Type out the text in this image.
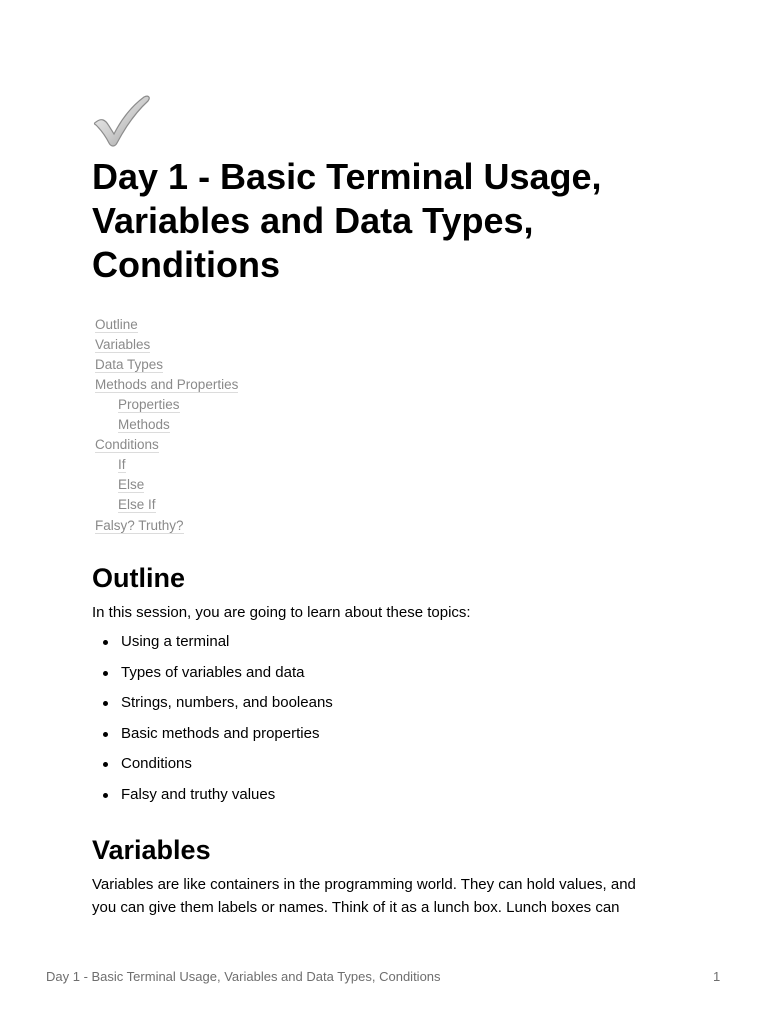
Day 1 - Basic Terminal Usage, Variables and Data Types, Conditions
Outline
Variables
Data Types
Methods and Properties
Properties
Methods
Conditions
If
Else
Else If
Falsy? Truthy?
Outline

In this session, you are going to learn about these topics:

Using a terminal
Types of variables and data
Strings, numbers, and booleans
Basic methods and properties
Conditions
Falsy and truthy values
Variables

Variables are like containers in the programming world. They can hold values, and
you can give them labels or names. Think of it as a lunch box. Lunch boxes can

Day 1 - Basic Terminal Usage, Variables and Data Types, Conditions	1
